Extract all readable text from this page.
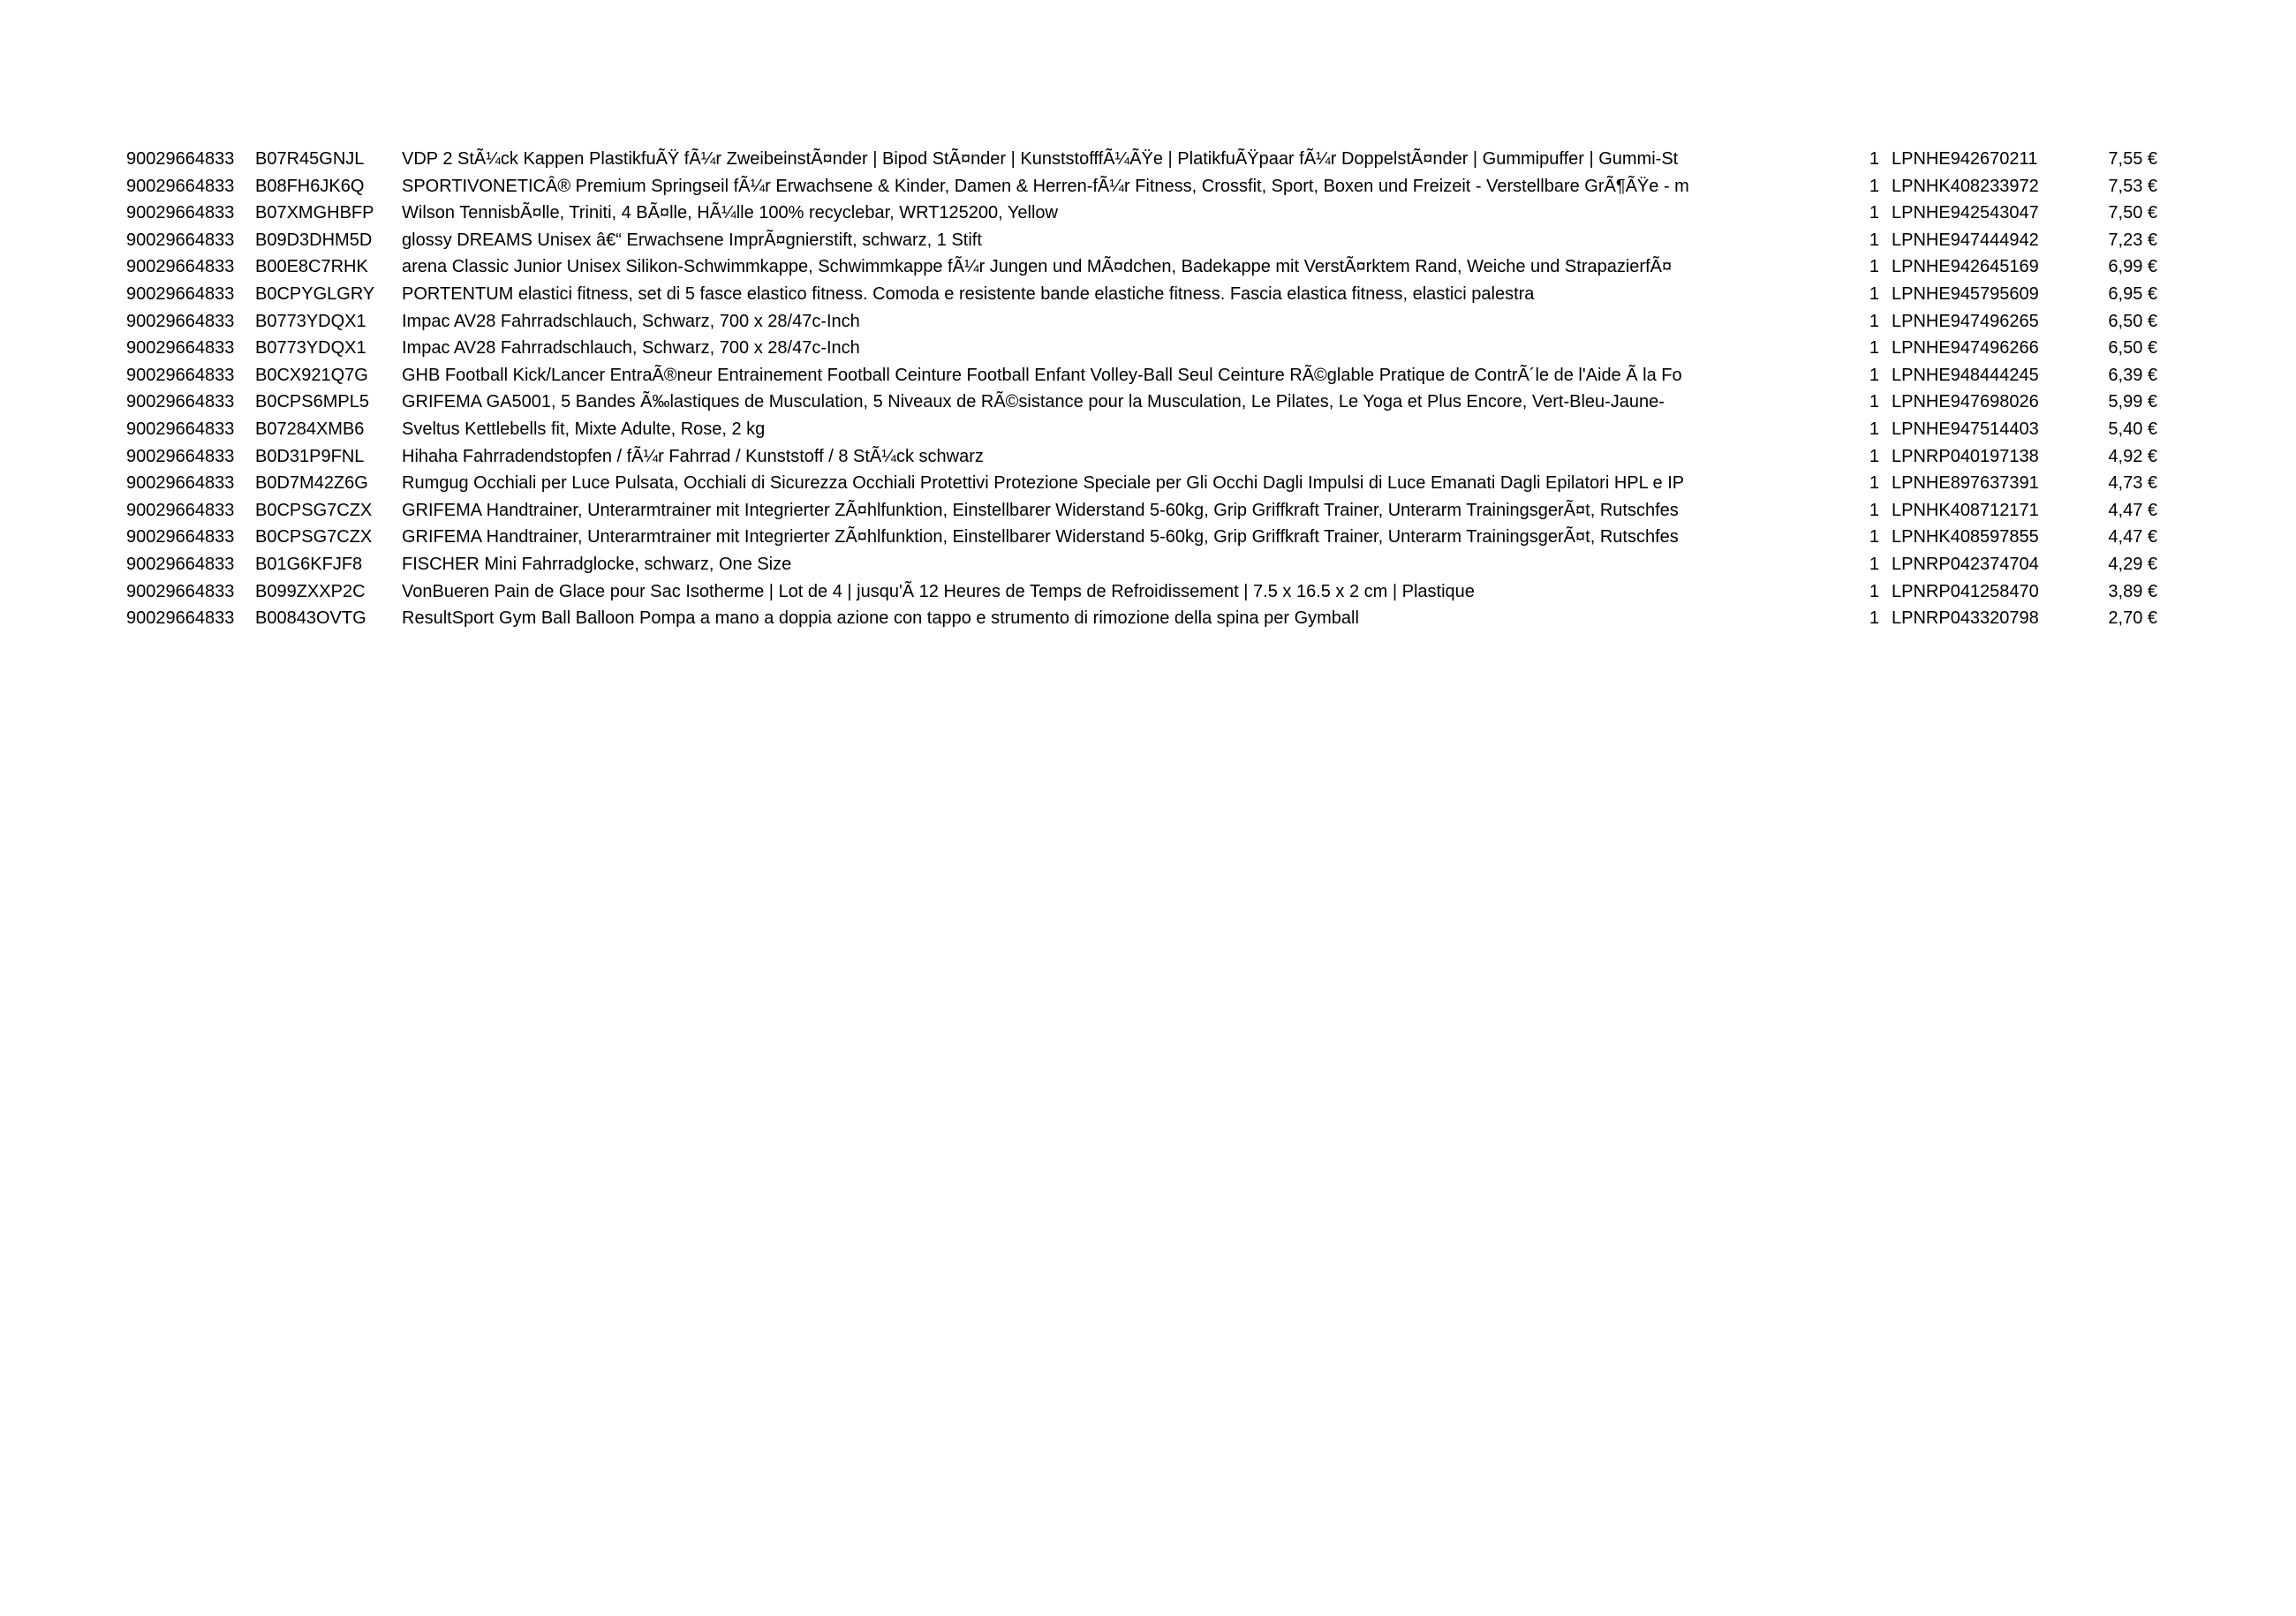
90029664833	B07R45GNJL	VDP 2 StÃ¼ck Kappen PlastikfuÃŸ fÃ¼r ZweibeinstÃ¤nder | Bipod StÃ¤nder | KunststofffÃ¼ÃŸe | PlatikfuÃŸpaar fÃ¼r DoppelstÃ¤nder | Gummipuffer | Gummi-St	1 LPNHE942670211	7,55 €
90029664833	B08FH6JK6Q	SPORTIVONETICÂ® Premium Springseil fÃ¼r Erwachsene & Kinder, Damen & Herren-fÃ¼r Fitness, Crossfit, Sport, Boxen und Freizeit - Verstellbare GrÃ¶ÃŸe - m	1 LPNHK408233972	7,53 €
90029664833	B07XMGHBFP	Wilson TennisbÃ¤lle, Triniti, 4 BÃ¤lle, HÃ¼lle 100% recyclebar, WRT125200, Yellow	1 LPNHE942543047	7,50 €
90029664833	B09D3DHM5D	glossy DREAMS Unisex â€“ Erwachsene ImprÃ¤gnierstift, schwarz, 1 Stift	1 LPNHE947444942	7,23 €
90029664833	B00E8C7RHK	arena Classic Junior Unisex Silikon-Schwimmkappe, Schwimmkappe fÃ¼r Jungen und MÃ¤dchen, Badekappe mit VerstÃ¤rktem Rand, Weiche und StrapazierfÃ¤	1 LPNHE942645169	6,99 €
90029664833	B0CPYGLGRY	PORTENTUM elastici fitness, set di 5 fasce elastico fitness. Comoda e resistente bande elastiche fitness. Fascia elastica fitness, elastici palestra	1 LPNHE945795609	6,95 €
90029664833	B0773YDQX1	Impac AV28 Fahrradschlauch, Schwarz, 700 x 28/47c-Inch	1 LPNHE947496265	6,50 €
90029664833	B0773YDQX1	Impac AV28 Fahrradschlauch, Schwarz, 700 x 28/47c-Inch	1 LPNHE947496266	6,50 €
90029664833	B0CX921Q7G	GHB Football Kick/Lancer EntraÃ®neur Entrainement Football Ceinture Football Enfant Volley-Ball Seul Ceinture RÃ©glable Pratique de ContrÃ´le de l'Aide Ã la Fo	1 LPNHE948444245	6,39 €
90029664833	B0CPS6MPL5	GRIFEMA GA5001, 5 Bandes Ã‰lastiques de Musculation, 5 Niveaux de RÃ©sistance pour la Musculation, Le Pilates, Le Yoga et Plus Encore, Vert-Bleu-Jaune-	1 LPNHE947698026	5,99 €
90029664833	B07284XMB6	Sveltus Kettlebells fit, Mixte Adulte, Rose, 2 kg	1 LPNHE947514403	5,40 €
90029664833	B0D31P9FNL	Hihaha Fahrradendstopfen / fÃ¼r Fahrrad / Kunststoff / 8 StÃ¼ck schwarz	1 LPNRP040197138	4,92 €
90029664833	B0D7M42Z6G	Rumgug Occhiali per Luce Pulsata, Occhiali di Sicurezza Occhiali Protettivi Protezione Speciale per Gli Occhi Dagli Impulsi di Luce Emanati Dagli Epilatori HPL e IP	1 LPNHE897637391	4,73 €
90029664833	B0CPSG7CZX	GRIFEMA Handtrainer, Unterarmtrainer mit Integrierter ZÃ¤hlfunktion, Einstellbarer Widerstand 5-60kg, Grip Griffkraft Trainer, Unterarm TrainingsgerÃ¤t, Rutschfes	1 LPNHK408712171	4,47 €
90029664833	B0CPSG7CZX	GRIFEMA Handtrainer, Unterarmtrainer mit Integrierter ZÃ¤hlfunktion, Einstellbarer Widerstand 5-60kg, Grip Griffkraft Trainer, Unterarm TrainingsgerÃ¤t, Rutschfes	1 LPNHK408597855	4,47 €
90029664833	B01G6KFJF8	FISCHER Mini Fahrradglocke, schwarz, One Size	1 LPNRP042374704	4,29 €
90029664833	B099ZXXP2C	VonBueren Pain de Glace pour Sac Isotherme | Lot de 4 | jusqu'Ã 12 Heures de Temps de Refroidissement | 7.5 x 16.5 x 2 cm | Plastique	1 LPNRP041258470	3,89 €
90029664833	B00843OVTG	ResultSport Gym Ball Balloon Pompa a mano a doppia azione con tappo e strumento di rimozione della spina per Gymball	1 LPNRP043320798	2,70 €
